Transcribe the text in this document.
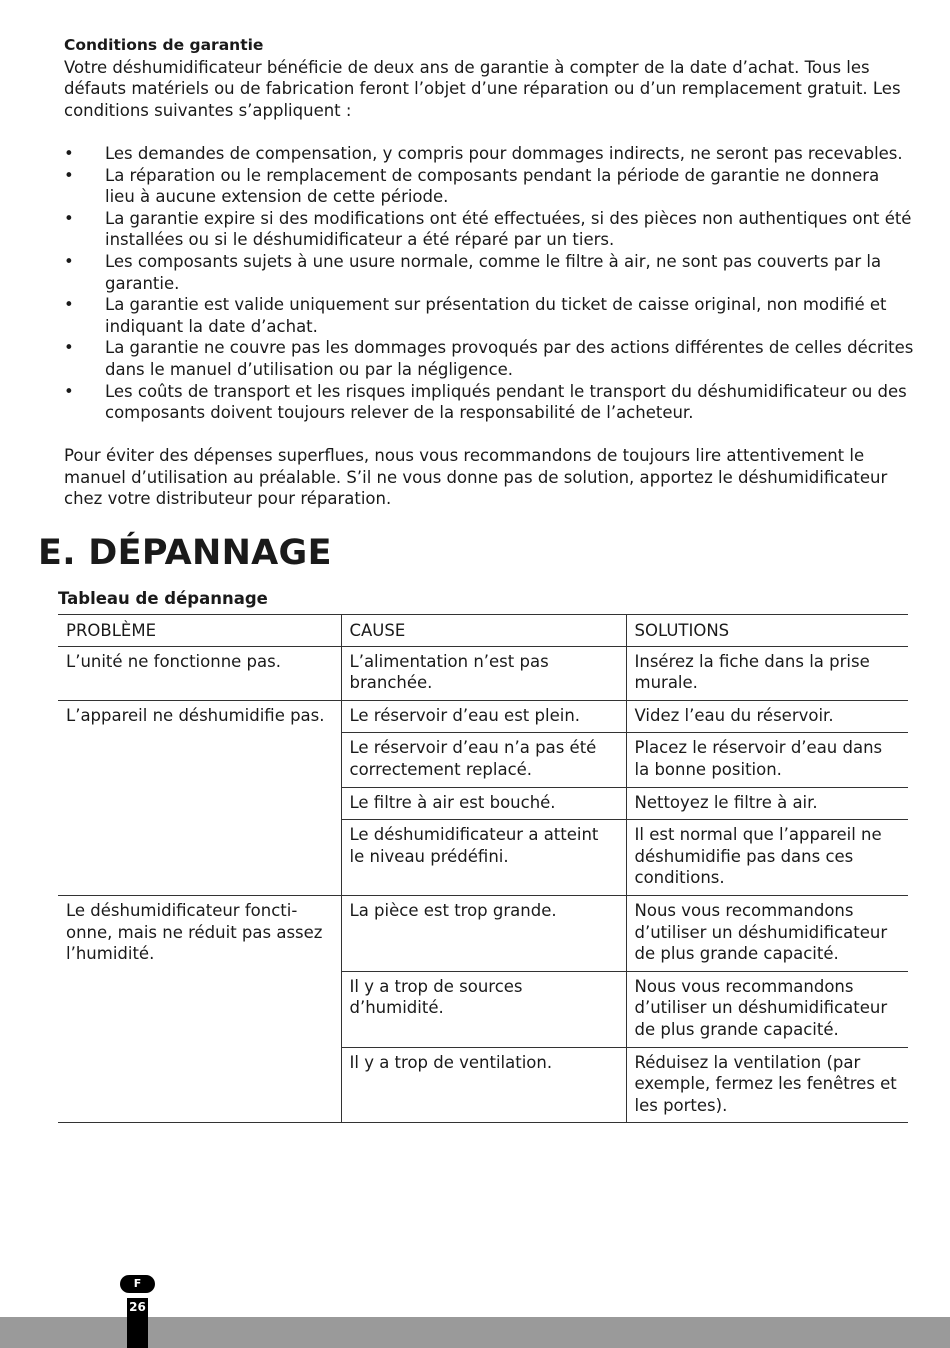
Conditions de garantie

Votre déshumidificateur bénéficie de deux ans de garantie à compter de la date d’achat. Tous les défauts matériels ou de fabrication feront l’objet d’une réparation ou d’un remplacement gratuit. Les conditions suivantes s’appliquent :

• Les demandes de compensation, y compris pour dommages indirects, ne seront pas recevables.
• La réparation ou le remplacement de composants pendant la période de garantie ne donnera lieu à aucune extension de cette période.
• La garantie expire si des modifications ont été effectuées, si des pièces non authentiques ont été installées ou si le déshumidificateur a été réparé par un tiers.
• Les composants sujets à une usure normale, comme le filtre à air, ne sont pas couverts par la garantie.
• La garantie est valide uniquement sur présentation du ticket de caisse original, non modifié et indiquant la date d’achat.
• La garantie ne couvre pas les dommages provoqués par des actions différentes de celles décrites dans le manuel d’utilisation ou par la négligence.
• Les coûts de transport et les risques impliqués pendant le transport du déshumidificateur ou des composants doivent toujours relever de la responsabilité de l’acheteur.

Pour éviter des dépenses superflues, nous vous recommandons de toujours lire attentivement le manuel d’utilisation au préalable. S’il ne vous donne pas de solution, apportez le déshumidificateur chez votre distributeur pour réparation.

E. DÉPANNAGE
Tableau de dépannage
PROBLÈME	CAUSE	SOLUTIONS
L’unité ne fonctionne pas.	L’alimentation n’est pas branchée.	Insérez la fiche dans la prise murale.
L’appareil ne déshumidifie pas.	Le réservoir d’eau est plein.	Videz l’eau du réservoir.
	Le réservoir d’eau n’a pas été correctement replacé.	Placez le réservoir d’eau dans la bonne position.
	Le filtre à air est bouché.	Nettoyez le filtre à air.
	Le déshumidificateur a atteint le niveau prédéfini.	Il est normal que l’appareil ne déshumidifie pas dans ces conditions.
Le déshumidificateur foncti-onne, mais ne réduit pas assez l’humidité.	La pièce est trop grande.	Nous vous recommandons d’utiliser un déshumidificateur de plus grande capacité.
	Il y a trop de sources d’humidité.	Nous vous recommandons d’utiliser un déshumidificateur de plus grande capacité.
	Il y a trop de ventilation.	Réduisez la ventilation (par exemple, fermez les fenêtres et les portes).
F
26
